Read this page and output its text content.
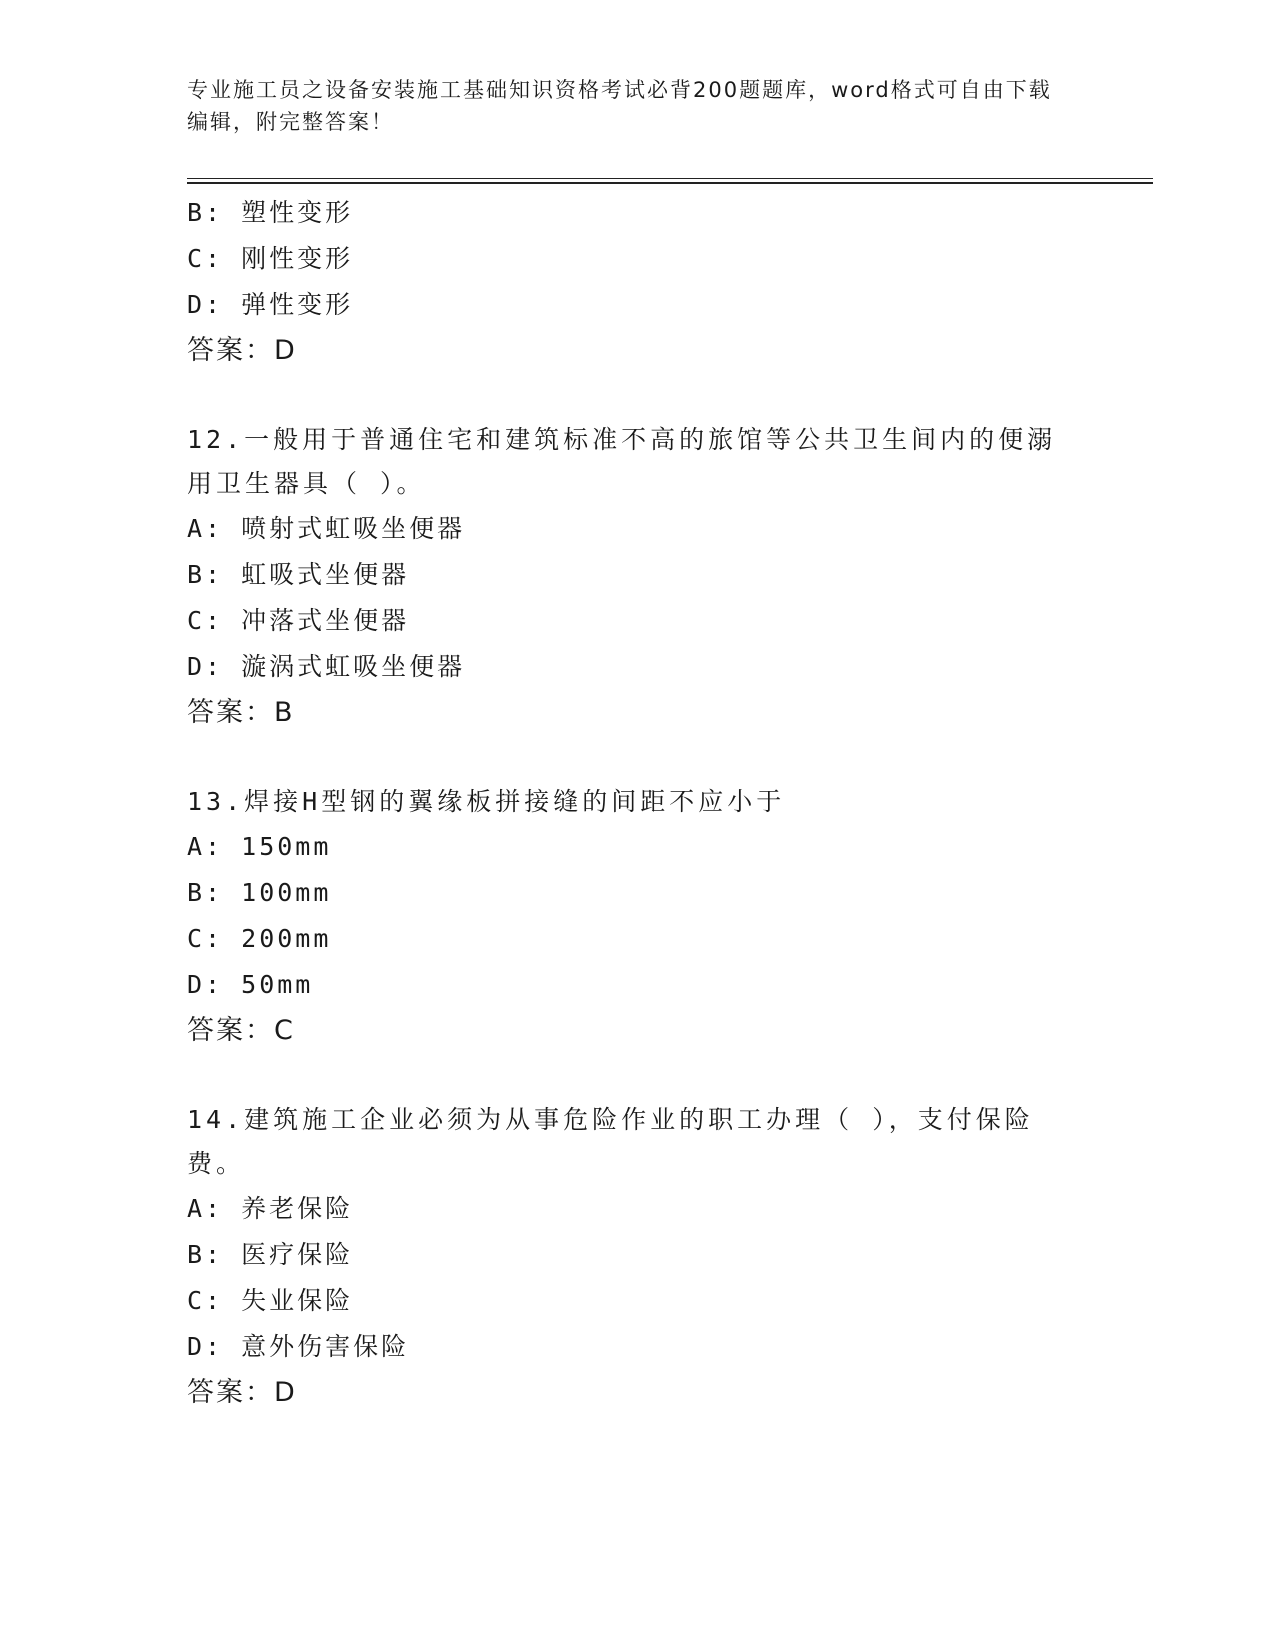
专业施工员之设备安装施工基础知识资格考试必背200题题库，word格式可自由下载编辑，附完整答案！
B: 塑性变形
C: 刚性变形
D: 弹性变形
答案：D
12.一般用于普通住宅和建筑标准不高的旅馆等公共卫生间内的便溺用卫生器具（ ）。
A: 喷射式虹吸坐便器
B: 虹吸式坐便器
C: 冲落式坐便器
D: 漩涡式虹吸坐便器
答案：B
13.焊接H型钢的翼缘板拼接缝的间距不应小于
A: 150mm
B: 100mm
C: 200mm
D: 50mm
答案：C
14.建筑施工企业必须为从事危险作业的职工办理（ ），支付保险费。
A: 养老保险
B: 医疗保险
C: 失业保险
D: 意外伤害保险
答案：D
